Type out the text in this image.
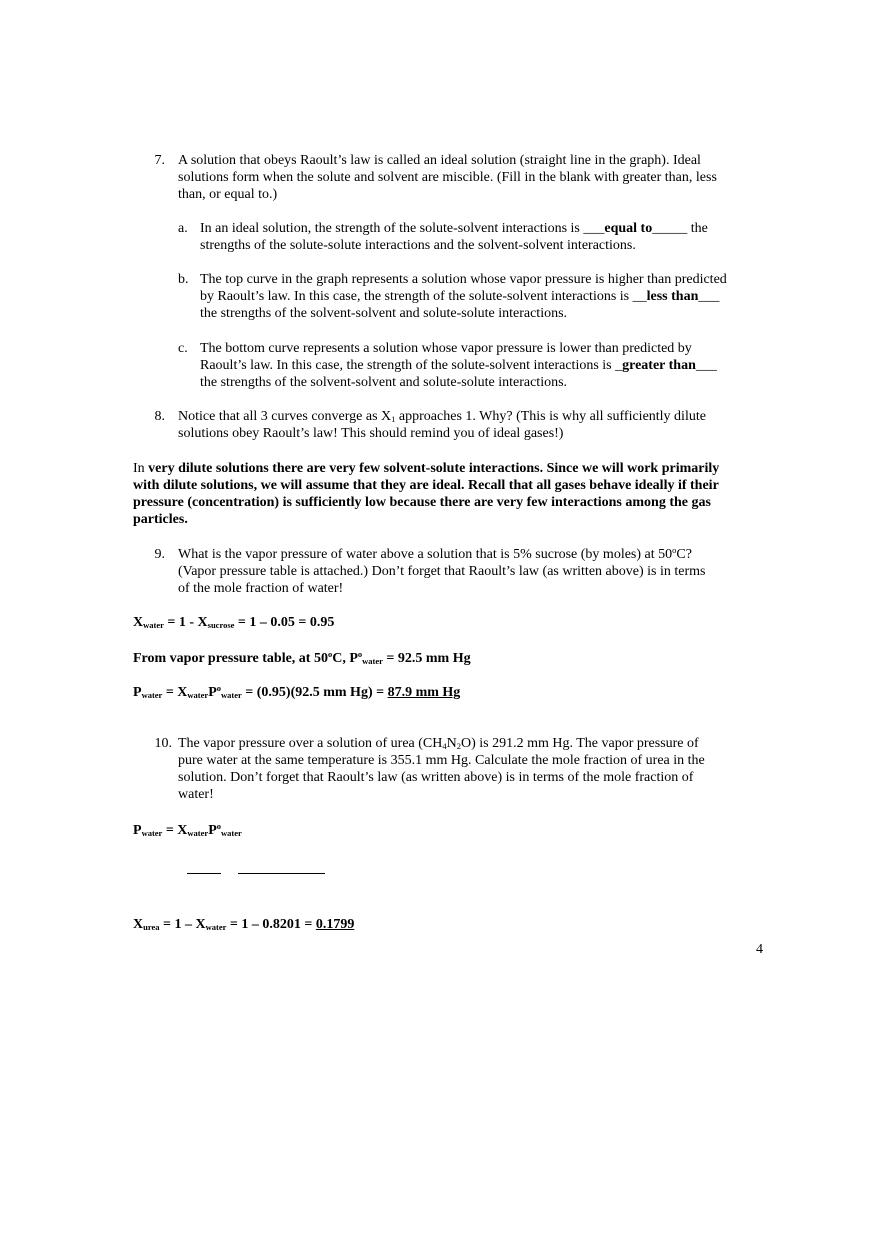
7. A solution that obeys Raoult’s law is called an ideal solution (straight line in the graph). Ideal
solutions form when the solute and solvent are miscible. (Fill in the blank with greater than, less
than, or equal to.)
a. In an ideal solution, the strength of the solute-solvent interactions is ___equal to_____ the
strengths of the solute-solute interactions and the solvent-solvent interactions.
b. The top curve in the graph represents a solution whose vapor pressure is higher than predicted
by Raoult’s law. In this case, the strength of the solute-solvent interactions is __less than___
the strengths of the solvent-solvent and solute-solute interactions.
c. The bottom curve represents a solution whose vapor pressure is lower than predicted by
Raoult’s law. In this case, the strength of the solute-solvent interactions is _greater than___
the strengths of the solvent-solvent and solute-solute interactions.
8. Notice that all 3 curves converge as $X_1$ approaches 1. Why? (This is why all sufficiently dilute
solutions obey Raoult’s law! This should remind you of ideal gases!)
In very dilute solutions there are very few solvent-solute interactions. Since we will work primarily
with dilute solutions, we will assume that they are ideal. Recall that all gases behave ideally if their
pressure (concentration) is sufficiently low because there are very few interactions among the gas
particles.
9. What is the vapor pressure of water above a solution that is 5% sucrose (by moles) at 50$^o$C?
(Vapor pressure table is attached.) Don’t forget that Raoult’s law (as written above) is in terms
of the mole fraction of water!
$X_{water} = 1 - X_{sucrose} = 1 - 0.05 = 0.95$
From vapor pressure table, at 50$^o$C, $P^o_{water} = 92.5$ mm Hg
$P_{water} = X_{water}P^o_{water} = (0.95)(92.5$ mm Hg) = 87.9 mm Hg
10. The vapor pressure over a solution of urea $(CH_4N_2O)$ is 291.2 mm Hg. The vapor pressure of
pure water at the same temperature is 355.1 mm Hg. Calculate the mole fraction of urea in the
solution. Don’t forget that Raoult’s law (as written above) is in terms of the mole fraction of
water!
$P_{water} = X_{water}P^o_{water}$
$X_{urea} = 1 - X_{water} = 1 - 0.8201 = 0.1799$
4
